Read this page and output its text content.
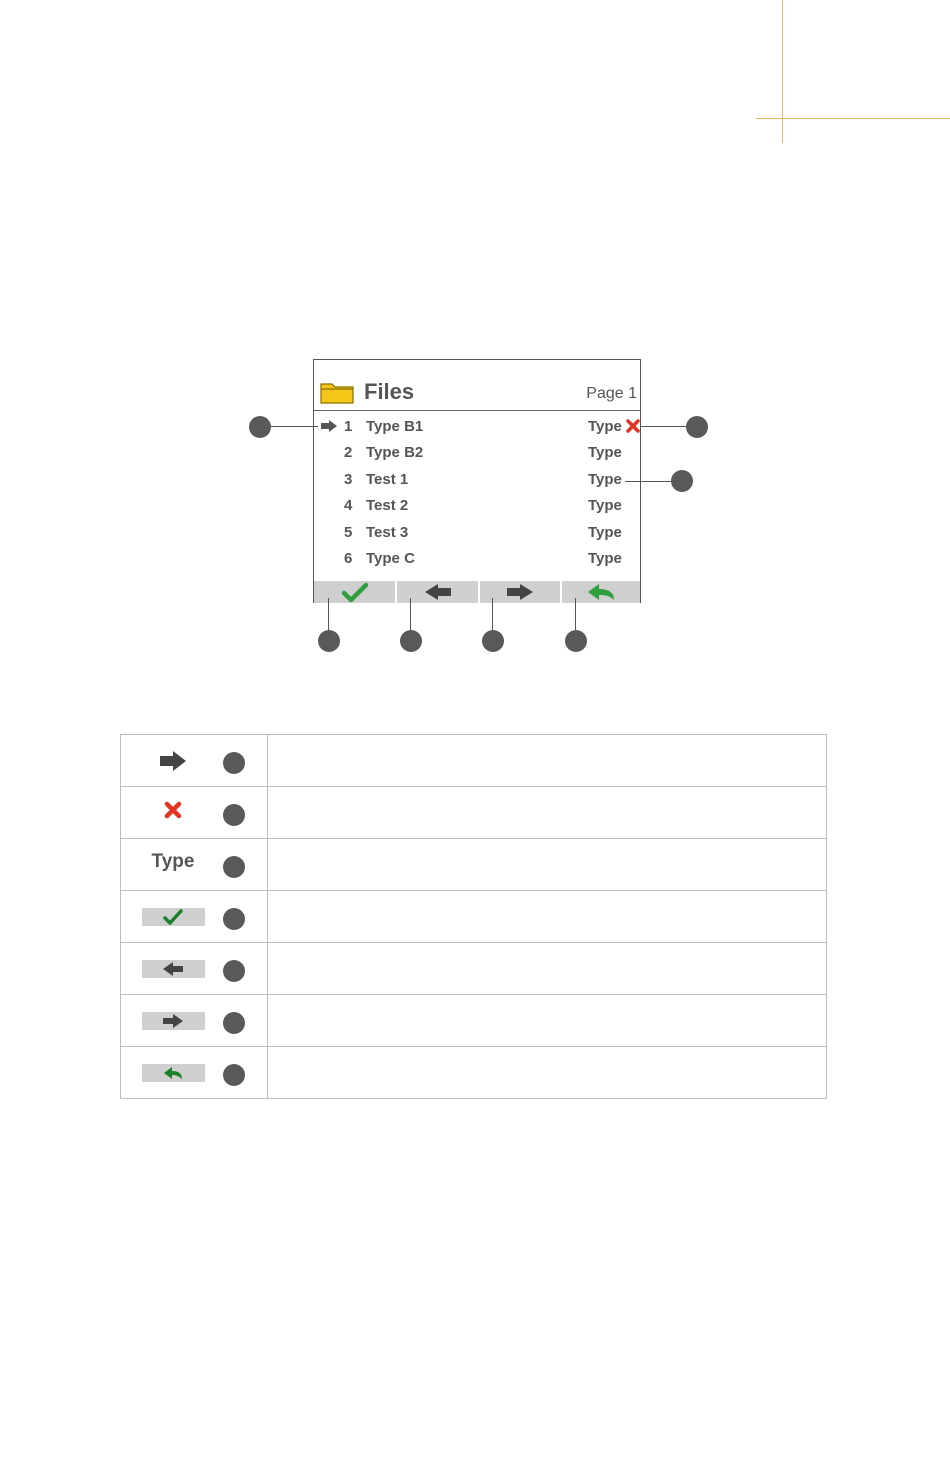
Files	Page 1
1 Type B1	Type
2 Type B2	Type
3 Test 1	Type
4 Test 2	Type
5 Test 3	Type
6 Type C	Type

Type	
